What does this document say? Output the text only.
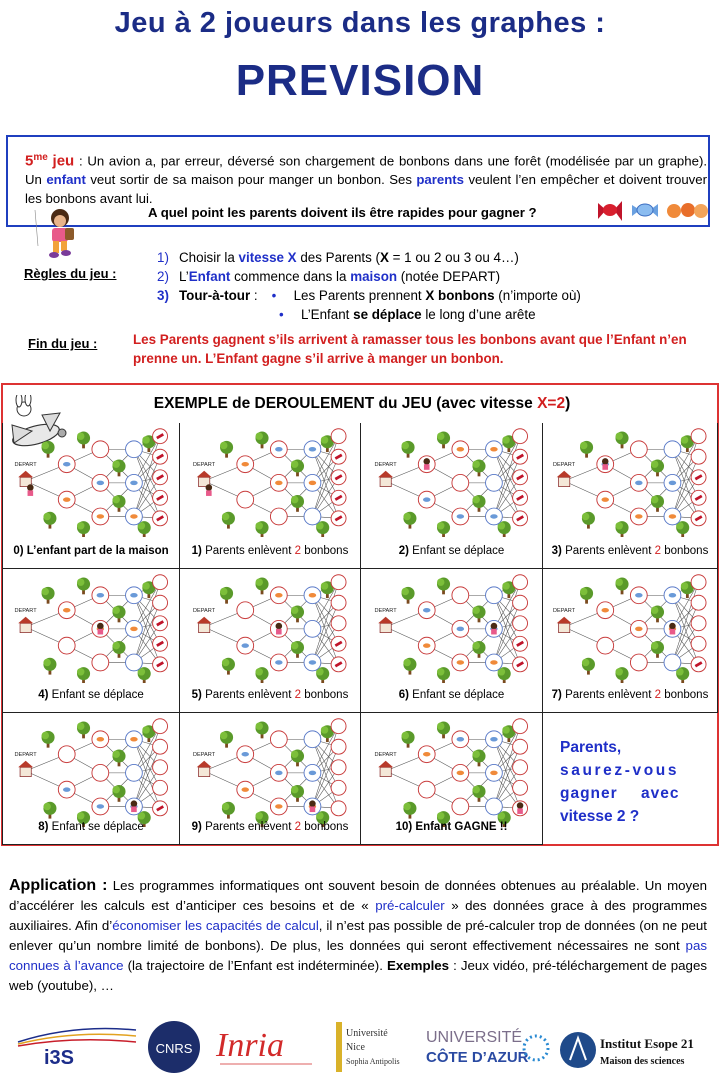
Jeu à 2 joueurs dans les graphes :
PREVISION
$5^{me}$ jeu : Un avion a, par erreur, déversé son chargement de bonbons dans une forêt (modélisée par un graphe). Un enfant veut sortir de sa maison pour manger un bonbon. Ses parents veulent l’en empêcher et doivent trouver les bonbons avant lui.
A quel point les parents doivent ils être rapides pour gagner ?
Règles du jeu :
1) Choisir la vitesse X des Parents (X = 1 ou 2 ou 3 ou 4…)
2) L’Enfant commence dans la maison (notée DEPART)
3) Tour-à-tour : • Les Parents prennent X bonbons (n’importe où)
• L’Enfant se déplace le long d’une arête
Fin du jeu :	Les Parents gagnent s’ils arrivent à ramasser tous les bonbons avant que l’Enfant n’en prenne un. L’Enfant gagne s’il arrive à manger un bonbon.
EXEMPLE de DEROULEMENT du JEU (avec vitesse X=2)
DEPART
0) L’enfant part de la maison
DEPART
1) Parents enlèvent 2 bonbons
DEPART
2) Enfant se déplace
DEPART
3) Parents enlèvent 2 bonbons
DEPART
4) Enfant se déplace
DEPART
5) Parents enlèvent 2 bonbons
DEPART
6) Enfant se déplace
DEPART
7) Parents enlèvent 2 bonbons
DEPART
8) Enfant se déplace
DEPART
9) Parents enlèvent 2 bonbons
DEPART
10) Enfant GAGNE !!
Parents,
saurez-vous
gagner avec
vitesse 2 ?
Application : Les programmes informatiques ont souvent besoin de données obtenues au préalable. Un moyen d’accélérer les calculs est d’anticiper ces besoins et de « pré-calculer » des données grace à des programmes auxiliaires. Afin d’économiser les capacités de calcul, il n’est pas possible de pré-calculer trop de données (on ne peut enlever qu’un nombre limité de bonbons). De plus, les données qui seront effectivement nécessaires ne sont pas connues à l’avance (la trajectoire de l’Enfant est indéterminée). Exemples : Jeux vidéo, pré-téléchargement de pages web (youtube), …
i3S	CNRS Inria	Université
Nice
Sophia Antipolis
UNIVERSITÉ
CÔTE D’AZUR
Institut Esope 21
Maison des sciences
